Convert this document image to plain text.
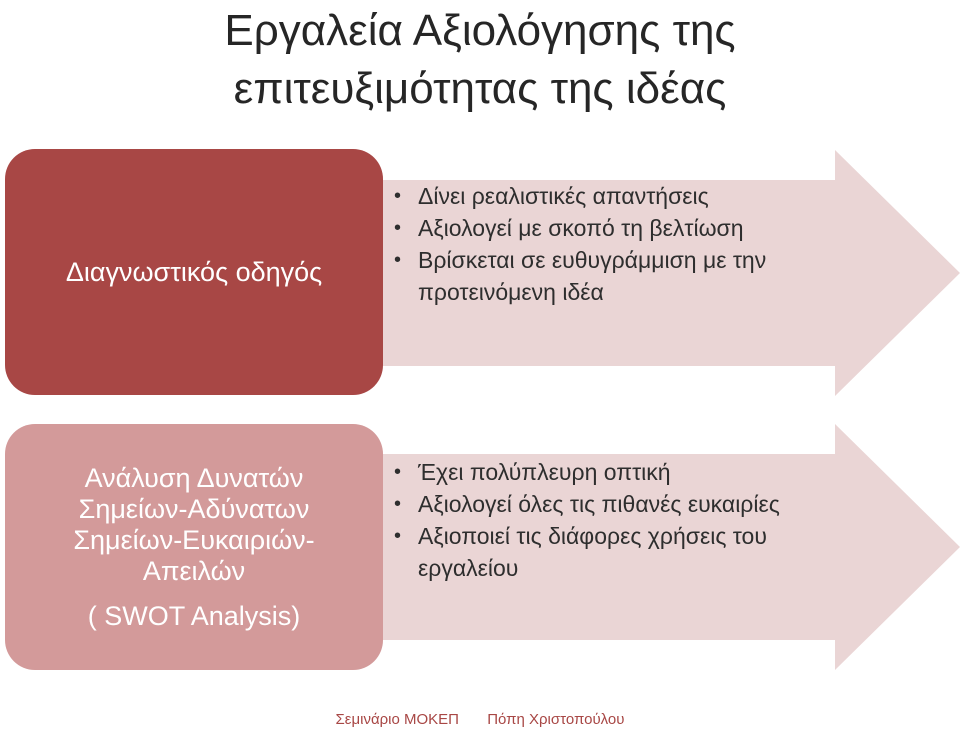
Εργαλεία Αξιολόγησης της
επιτευξιμότητας της ιδέας
Διαγνωστικός οδηγός
Ανάλυση Δυνατών
Σημείων-Αδύνατων
Σημείων-Ευκαιριών-
Απειλών
( SWOT Analysis)
• Δίνει ρεαλιστικές απαντήσεις
• Αξιολογεί με σκοπό τη βελτίωση
• Βρίσκεται σε ευθυγράμμιση με την προτεινόμενη ιδέα
• Έχει πολύπλευρη οπτική
• Αξιολογεί όλες τις πιθανές ευκαιρίες
• Αξιοποιεί τις διάφορες χρήσεις του εργαλείου
Σεμινάριο ΜΟΚΕΠ Πόπη Χριστοπούλου
